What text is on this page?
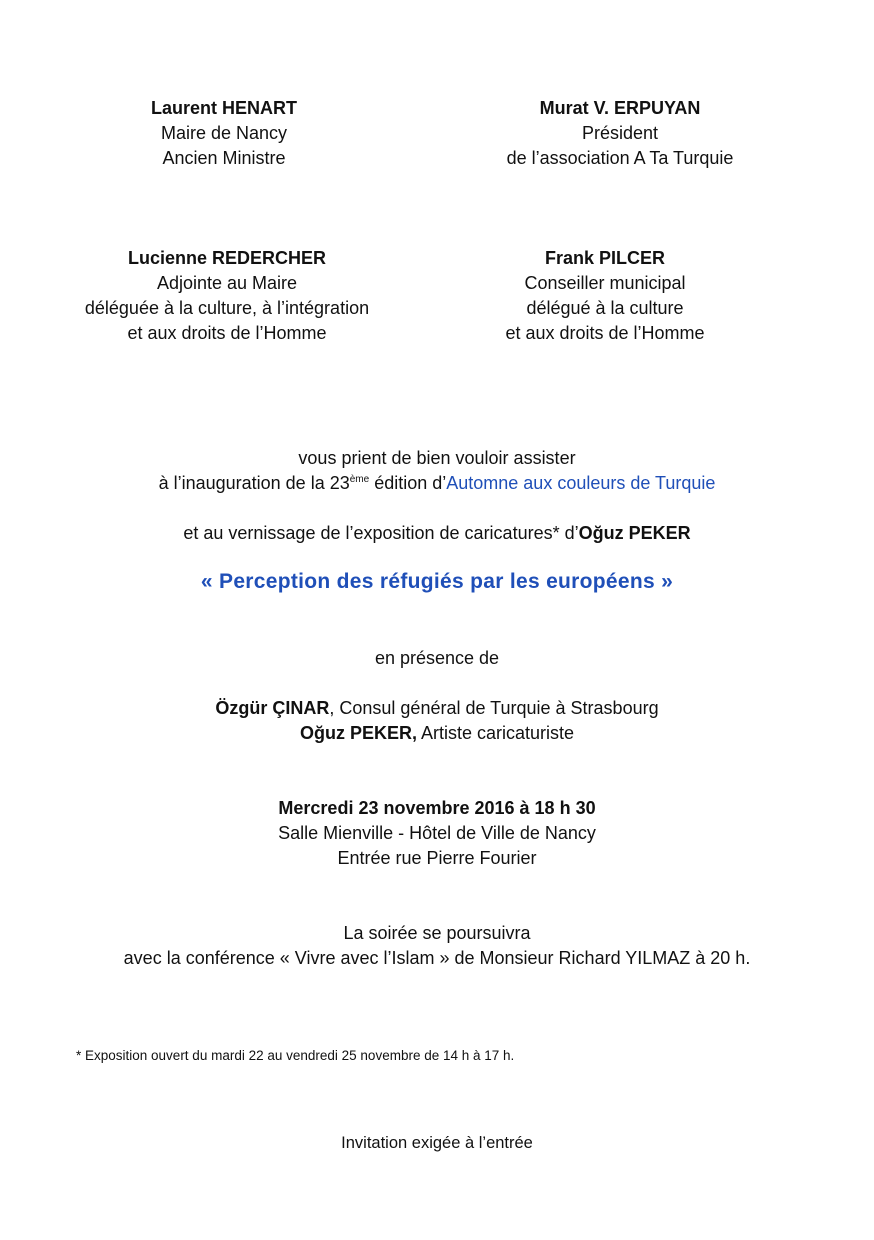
Laurent HENART
Maire de Nancy
Ancien Ministre
Murat V. ERPUYAN
Président
de l’association A Ta Turquie
Lucienne REDERCHER
Adjointe au Maire
déléguée à la culture, à l’intégration
et aux droits de l’Homme
Frank PILCER
Conseiller municipal
délégué à la culture
et aux droits de l’Homme
vous prient de bien vouloir assister
à l’inauguration de la 23ème édition d’Automne aux couleurs de Turquie
et au vernissage de l’exposition de caricatures* d’Oğuz PEKER
« Perception des réfugiés par les européens »
en présence de
Özgür ÇINAR, Consul général de Turquie à Strasbourg
Oğuz PEKER, Artiste caricaturiste
Mercredi 23 novembre 2016 à 18 h 30
Salle Mienville - Hôtel de Ville de Nancy
Entrée rue Pierre Fourier
La soirée se poursuivra
avec la conférence « Vivre avec l’Islam » de Monsieur Richard YILMAZ à 20 h.
* Exposition ouvert du mardi 22 au vendredi 25 novembre de 14 h à 17 h.
Invitation exigée à l’entrée
